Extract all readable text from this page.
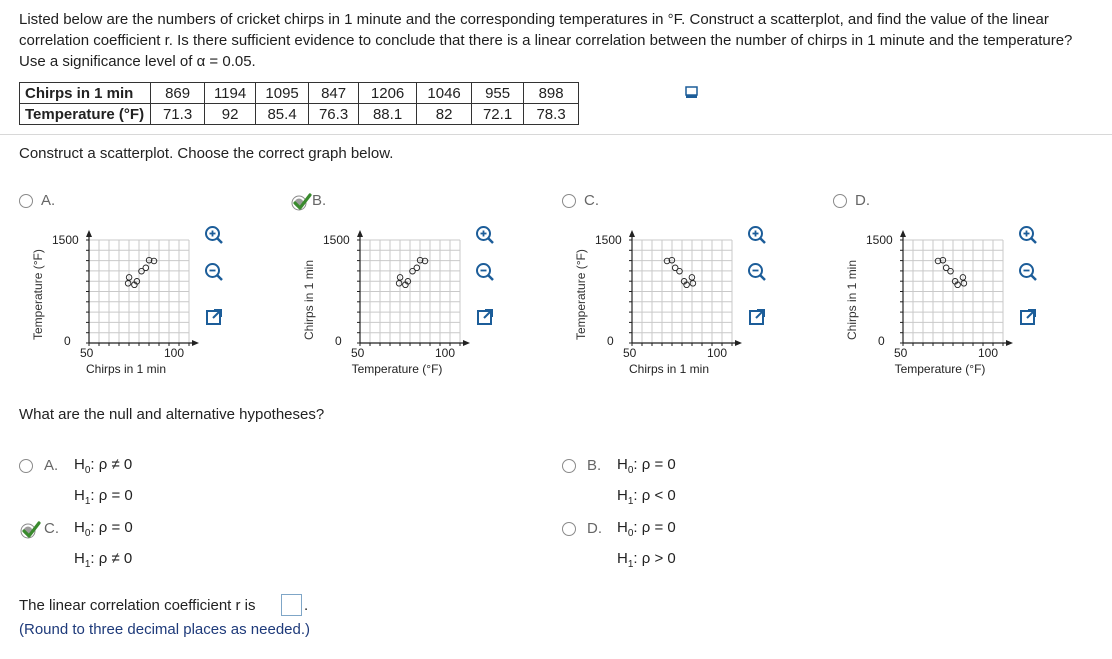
Listed below are the numbers of cricket chirps in 1 minute and the corresponding temperatures in °F. Construct a scatterplot, and find the value of the linear correlation coefficient r. Is there sufficient evidence to conclude that there is a linear correlation between the number of chirps in 1 minute and the temperature? Use a significance level of α = 0.05.
Chirps in 1 min	869	1194	1095	847	1206	1046	955	898
Temperature (°F)	71.3	92	85.4	76.3	88.1	82	72.1	78.3
Construct a scatterplot. Choose the correct graph below.
A.
Temperature (°F)
1500
0
50	100
Chirps in 1 min
B.
Chirps in 1 min
1500
0
50	100
Temperature (°F)
C.
Temperature (°F)
1500
0
50	100
Chirps in 1 min
D.
Chirps in 1 min
1500
0
50	100
Temperature (°F)
What are the null and alternative hypotheses?
A. $H_0$: ρ ≠ 0
$H_1$: ρ = 0
B. $H_0$: ρ = 0
$H_1$: ρ < 0
C. $H_0$: ρ = 0
$H_1$: ρ ≠ 0
D. $H_0$: ρ = 0
$H_1$: ρ > 0
The linear correlation coefficient r is	.
(Round to three decimal places as needed.)
